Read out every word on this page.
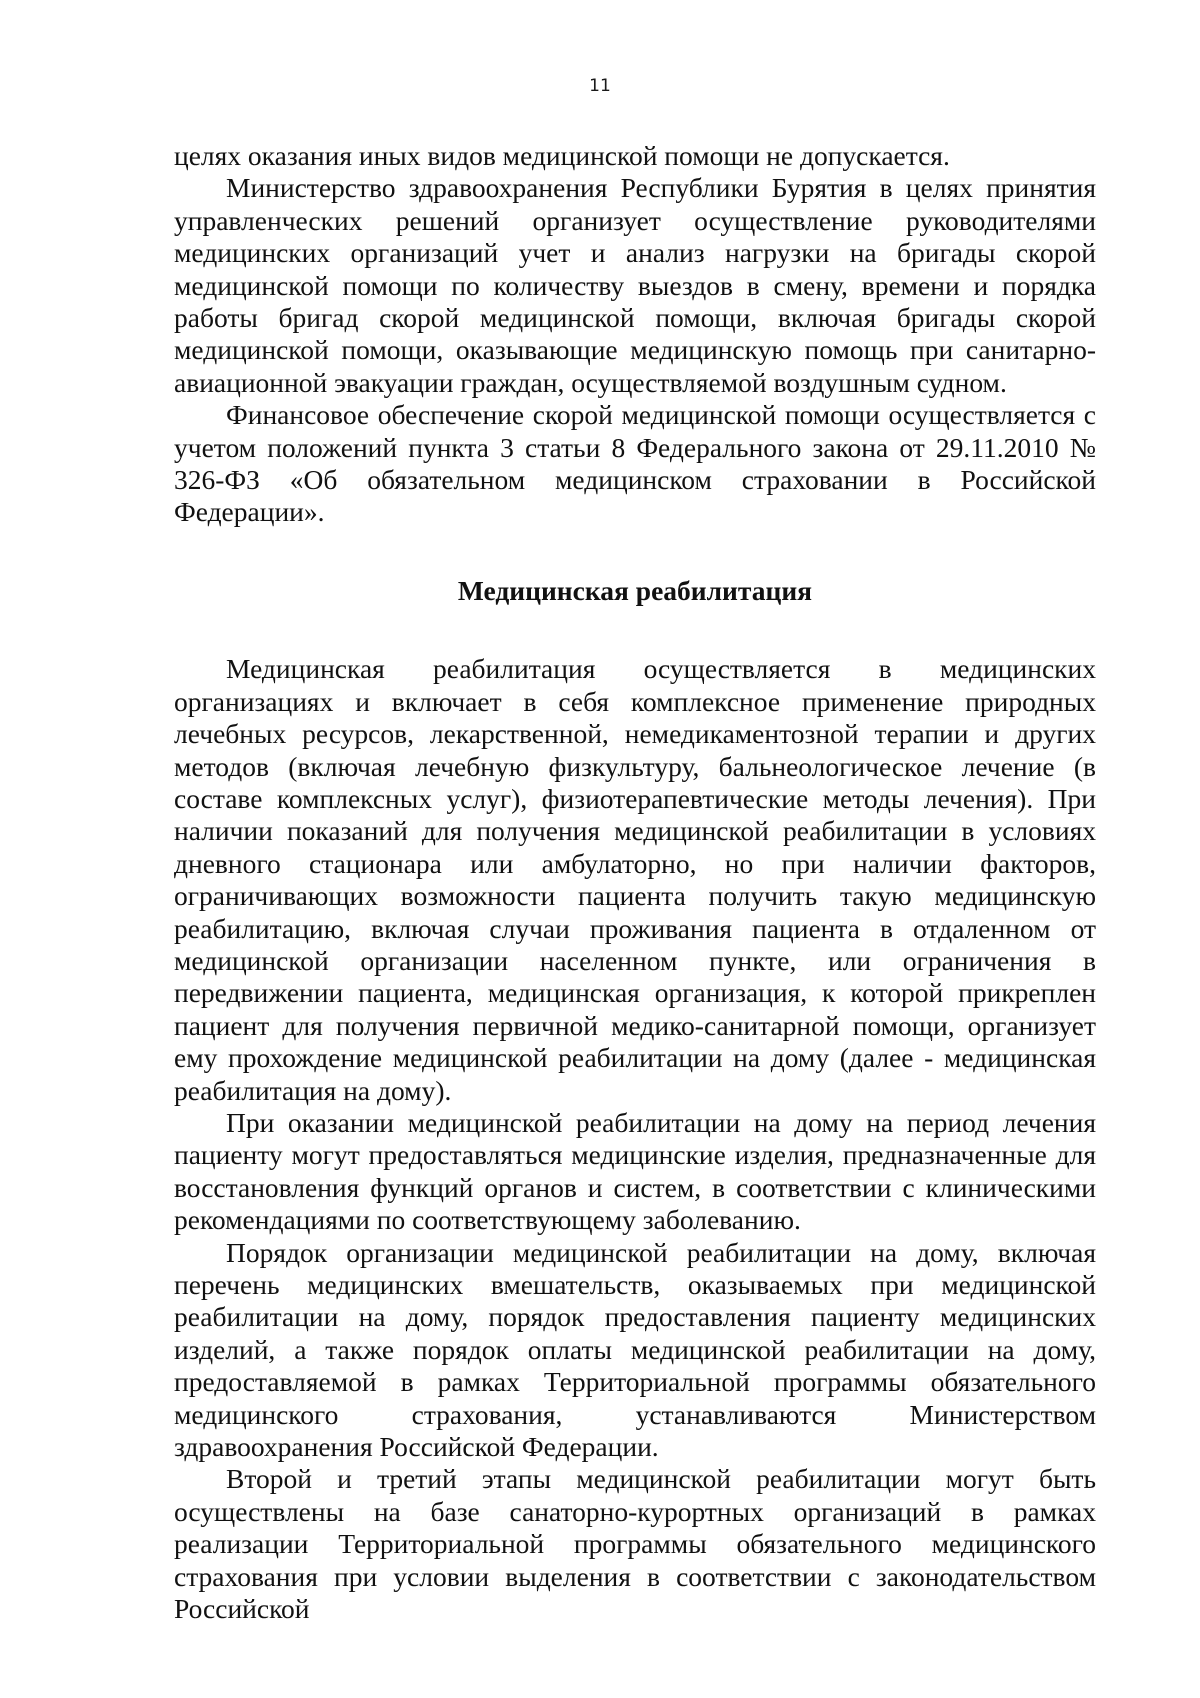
11

целях оказания иных видов медицинской помощи не допускается.

Министерство здравоохранения Республики Бурятия в целях принятия управленческих решений организует осуществление руководителями медицинских организаций учет и анализ нагрузки на бригады скорой медицинской помощи по количеству выездов в смену, времени и порядка работы бригад скорой медицинской помощи, включая бригады скорой медицинской помощи, оказывающие медицинскую помощь при санитарно-авиационной эвакуации граждан, осуществляемой воздушным судном.

Финансовое обеспечение скорой медицинской помощи осуществляется с учетом положений пункта 3 статьи 8 Федерального закона от 29.11.2010 № 326-ФЗ «Об обязательном медицинском страховании в Российской Федерации».

Медицинская реабилитация

Медицинская реабилитация осуществляется в медицинских организациях и включает в себя комплексное применение природных лечебных ресурсов, лекарственной, немедикаментозной терапии и других методов (включая лечебную физкультуру, бальнеологическое лечение (в составе комплексных услуг), физиотерапевтические методы лечения). При наличии показаний для получения медицинской реабилитации в условиях дневного стационара или амбулаторно, но при наличии факторов, ограничивающих возможности пациента получить такую медицинскую реабилитацию, включая случаи проживания пациента в отдаленном от медицинской организации населенном пункте, или ограничения в передвижении пациента, медицинская организация, к которой прикреплен пациент для получения первичной медико-санитарной помощи, организует ему прохождение медицинской реабилитации на дому (далее - медицинская реабилитация на дому).

При оказании медицинской реабилитации на дому на период лечения пациенту могут предоставляться медицинские изделия, предназначенные для восстановления функций органов и систем, в соответствии с клиническими рекомендациями по соответствующему заболеванию.

Порядок организации медицинской реабилитации на дому, включая перечень медицинских вмешательств, оказываемых при медицинской реабилитации на дому, порядок предоставления пациенту медицинских изделий, а также порядок оплаты медицинской реабилитации на дому, предоставляемой в рамках Территориальной программы обязательного медицинского страхования, устанавливаются Министерством здравоохранения Российской Федерации.

Второй и третий этапы медицинской реабилитации могут быть осуществлены на базе санаторно-курортных организаций в рамках реализации Территориальной программы обязательного медицинского страхования при условии выделения в соответствии с законодательством Российской
